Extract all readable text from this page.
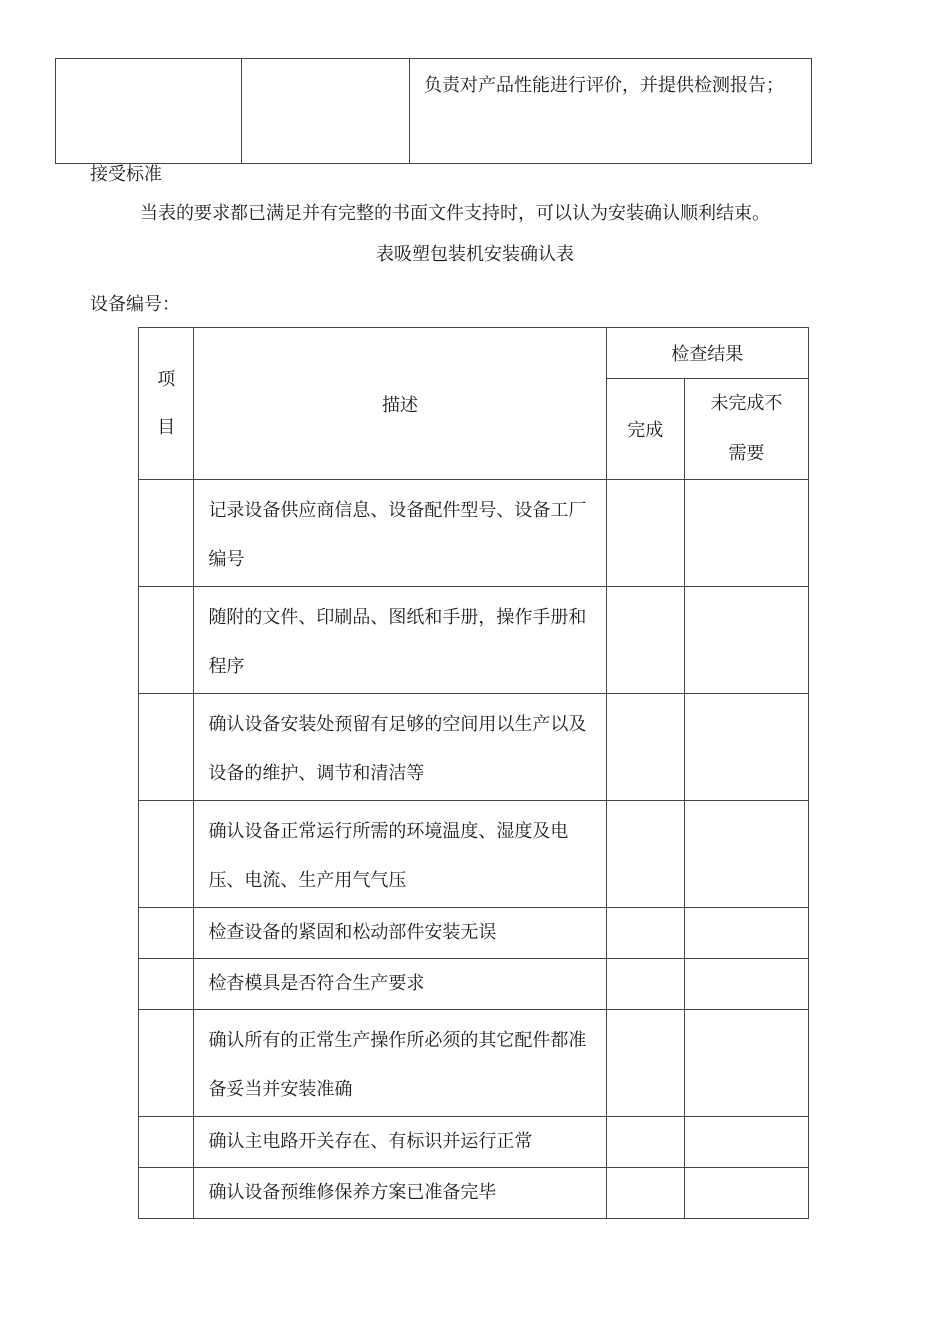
		负责对产品性能进行评价，并提供检测报告；
接受标准
当表的要求都已满足并有完整的书面文件支持时，可以认为安装确认顺利结束。
表吸塑包装机安装确认表
设备编号：
项目	描述	检查结果	
		完成	未完成不需要
	记录设备供应商信息、设备配件型号、设备工厂编号		
	随附的文件、印刷品、图纸和手册，操作手册和程序		
	确认设备安装处预留有足够的空间用以生产以及设备的维护、调节和清洁等		
	确认设备正常运行所需的环境温度、湿度及电压、电流、生产用气气压		
	检查设备的紧固和松动部件安装无误		
	检杳模具是否符合生产要求		
	确认所有的正常生产操作所必须的其它配件都准备妥当并安装准确		
	确认主电路开关存在、有标识并运行正常		
	确认设备预维修保养方案已准备完毕		
